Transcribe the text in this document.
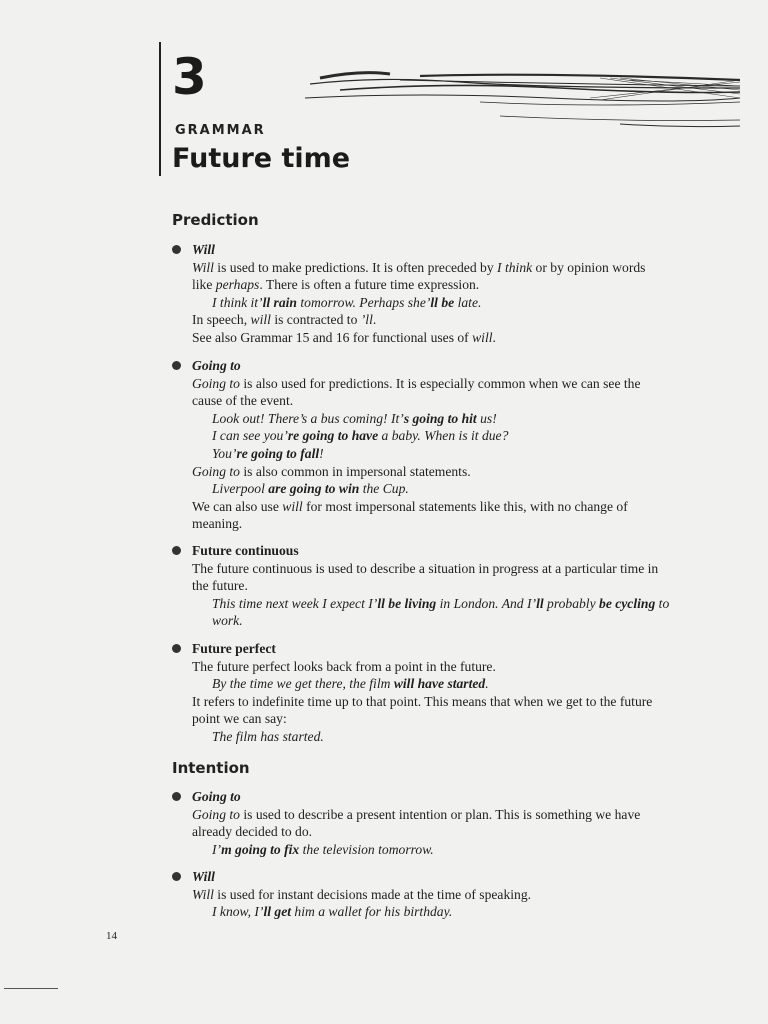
3
GRAMMAR
Future time
Prediction
Will
Will is used to make predictions. It is often preceded by I think or by opinion words
like perhaps. There is often a future time expression.
I think it’ll rain tomorrow. Perhaps she’ll be late.
In speech, will is contracted to ’ll.
See also Grammar 15 and 16 for functional uses of will.
Going to
Going to is also used for predictions. It is especially common when we can see the
cause of the event.
Look out! There’s a bus coming! It’s going to hit us!
I can see you’re going to have a baby. When is it due?
You’re going to fall!
Going to is also common in impersonal statements.
Liverpool are going to win the Cup.
We can also use will for most impersonal statements like this, with no change of
meaning.
Future continuous
The future continuous is used to describe a situation in progress at a particular time in
the future.
This time next week I expect I’ll be living in London. And I’ll probably be cycling to
work.
Future perfect
The future perfect looks back from a point in the future.
By the time we get there, the film will have started.
It refers to indefinite time up to that point. This means that when we get to the future
point we can say:
The film has started.
Intention
Going to
Going to is used to describe a present intention or plan. This is something we have
already decided to do.
I’m going to fix the television tomorrow.
Will
Will is used for instant decisions made at the time of speaking.
I know, I’ll get him a wallet for his birthday.
14
